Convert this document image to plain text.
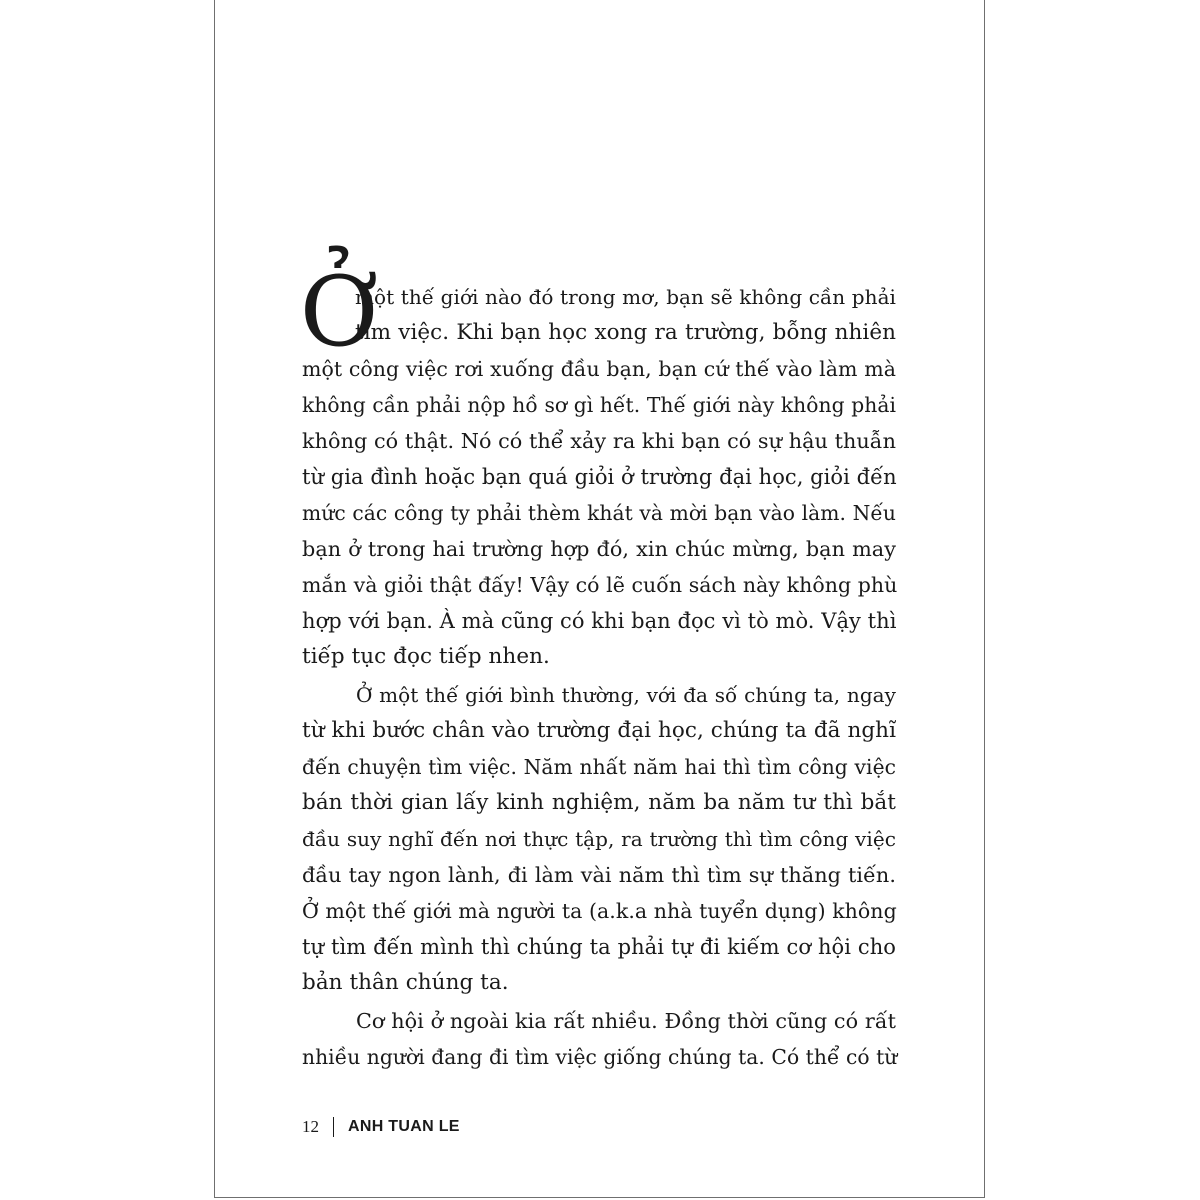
Ở
một thế giới nào đó trong mơ, bạn sẽ không cần phải
tìm việc. Khi bạn học xong ra trường, bỗng nhiên
một công việc rơi xuống đầu bạn, bạn cứ thế vào làm mà
không cần phải nộp hồ sơ gì hết. Thế giới này không phải
không có thật. Nó có thể xảy ra khi bạn có sự hậu thuẫn
từ gia đình hoặc bạn quá giỏi ở trường đại học, giỏi đến
mức các công ty phải thèm khát và mời bạn vào làm. Nếu
bạn ở trong hai trường hợp đó, xin chúc mừng, bạn may
mắn và giỏi thật đấy! Vậy có lẽ cuốn sách này không phù
hợp với bạn. À mà cũng có khi bạn đọc vì tò mò. Vậy thì
tiếp tục đọc tiếp nhen.
Ở một thế giới bình thường, với đa số chúng ta, ngay
từ khi bước chân vào trường đại học, chúng ta đã nghĩ
đến chuyện tìm việc. Năm nhất năm hai thì tìm công việc
bán thời gian lấy kinh nghiệm, năm ba năm tư thì bắt
đầu suy nghĩ đến nơi thực tập, ra trường thì tìm công việc
đầu tay ngon lành, đi làm vài năm thì tìm sự thăng tiến.
Ở một thế giới mà người ta (a.k.a nhà tuyển dụng) không
tự tìm đến mình thì chúng ta phải tự đi kiếm cơ hội cho
bản thân chúng ta.
Cơ hội ở ngoài kia rất nhiều. Đồng thời cũng có rất
nhiều người đang đi tìm việc giống chúng ta. Có thể có từ
12 ANH TUAN LE
